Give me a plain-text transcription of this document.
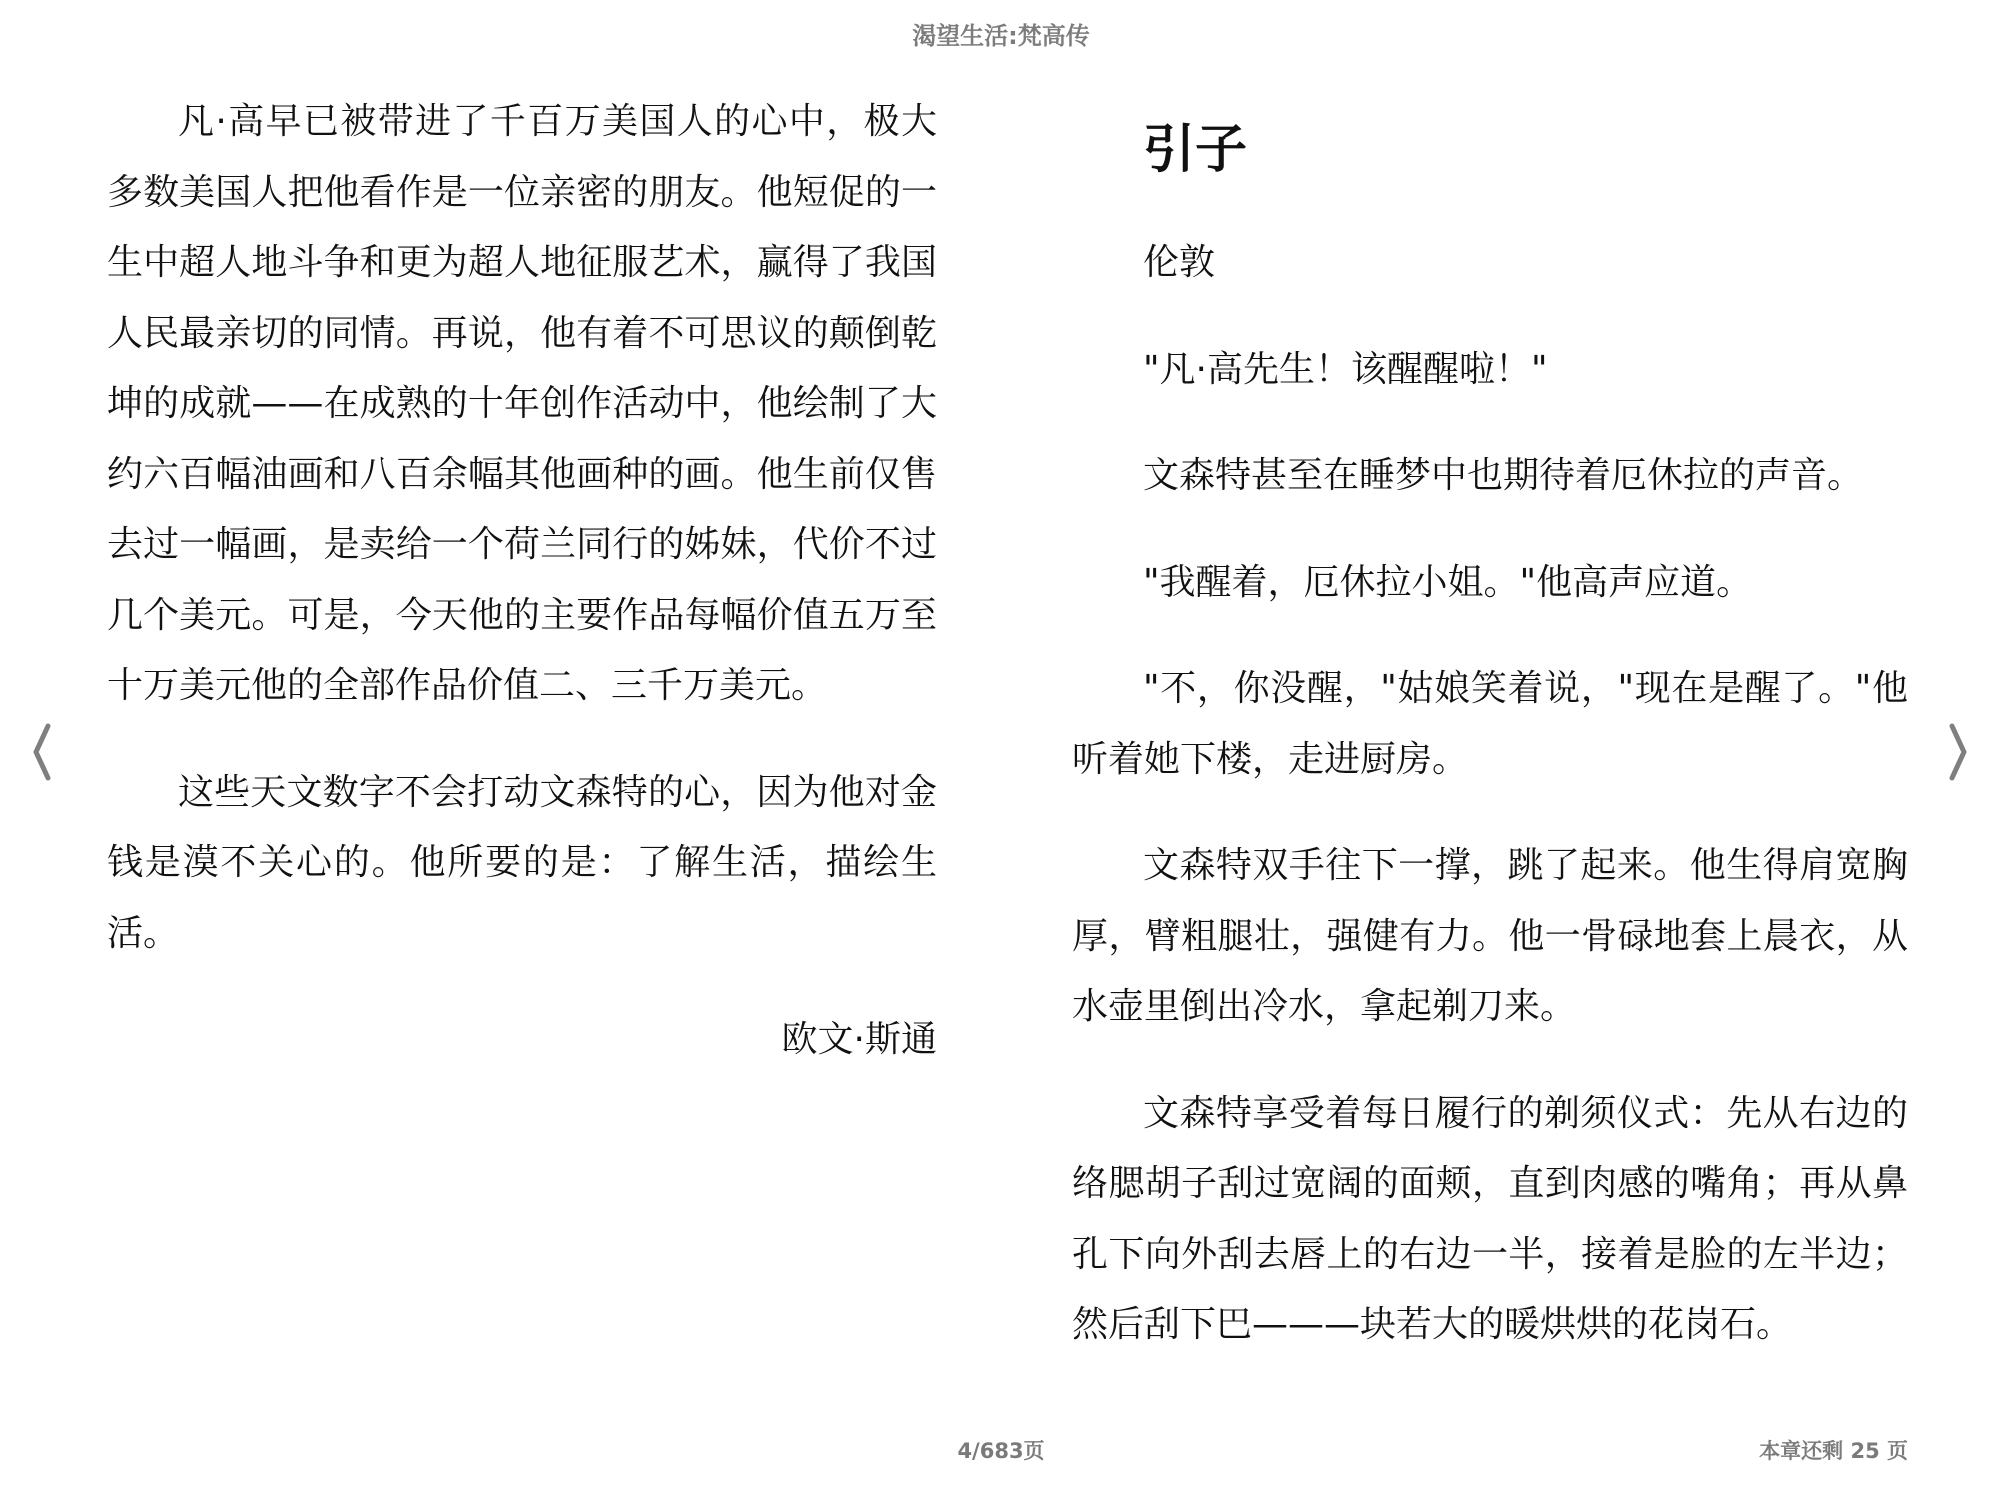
渴望生活:梵高传
凡·高早已被带进了千百万美国人的心中，极大
多数美国人把他看作是一位亲密的朋友。他短促的一
生中超人地斗争和更为超人地征服艺术，赢得了我国
人民最亲切的同情。再说，他有着不可思议的颠倒乾
坤的成就——在成熟的十年创作活动中，他绘制了大
约六百幅油画和八百余幅其他画种的画。他生前仅售
去过一幅画，是卖给一个荷兰同行的姊妹，代价不过
几个美元。可是，今天他的主要作品每幅价值五万至
十万美元他的全部作品价值二、三千万美元。
这些天文数字不会打动文森特的心，因为他对金
钱是漠不关心的。他所要的是：了解生活，描绘生
活。
欧文·斯通
引子
伦敦
"凡·高先生！该醒醒啦！"
文森特甚至在睡梦中也期待着厄休拉的声音。
"我醒着，厄休拉小姐。"他高声应道。
"不，你没醒，"姑娘笑着说，"现在是醒了。"他
听着她下楼，走进厨房。
文森特双手往下一撑，跳了起来。他生得肩宽胸
厚，臂粗腿壮，强健有力。他一骨碌地套上晨衣，从
水壶里倒出冷水，拿起剃刀来。
文森特享受着每日履行的剃须仪式：先从右边的
络腮胡子刮过宽阔的面颊，直到肉感的嘴角；再从鼻
孔下向外刮去唇上的右边一半，接着是脸的左半边；
然后刮下巴———块若大的暖烘烘的花岗石。
4/683页	本章还剩 25 页
